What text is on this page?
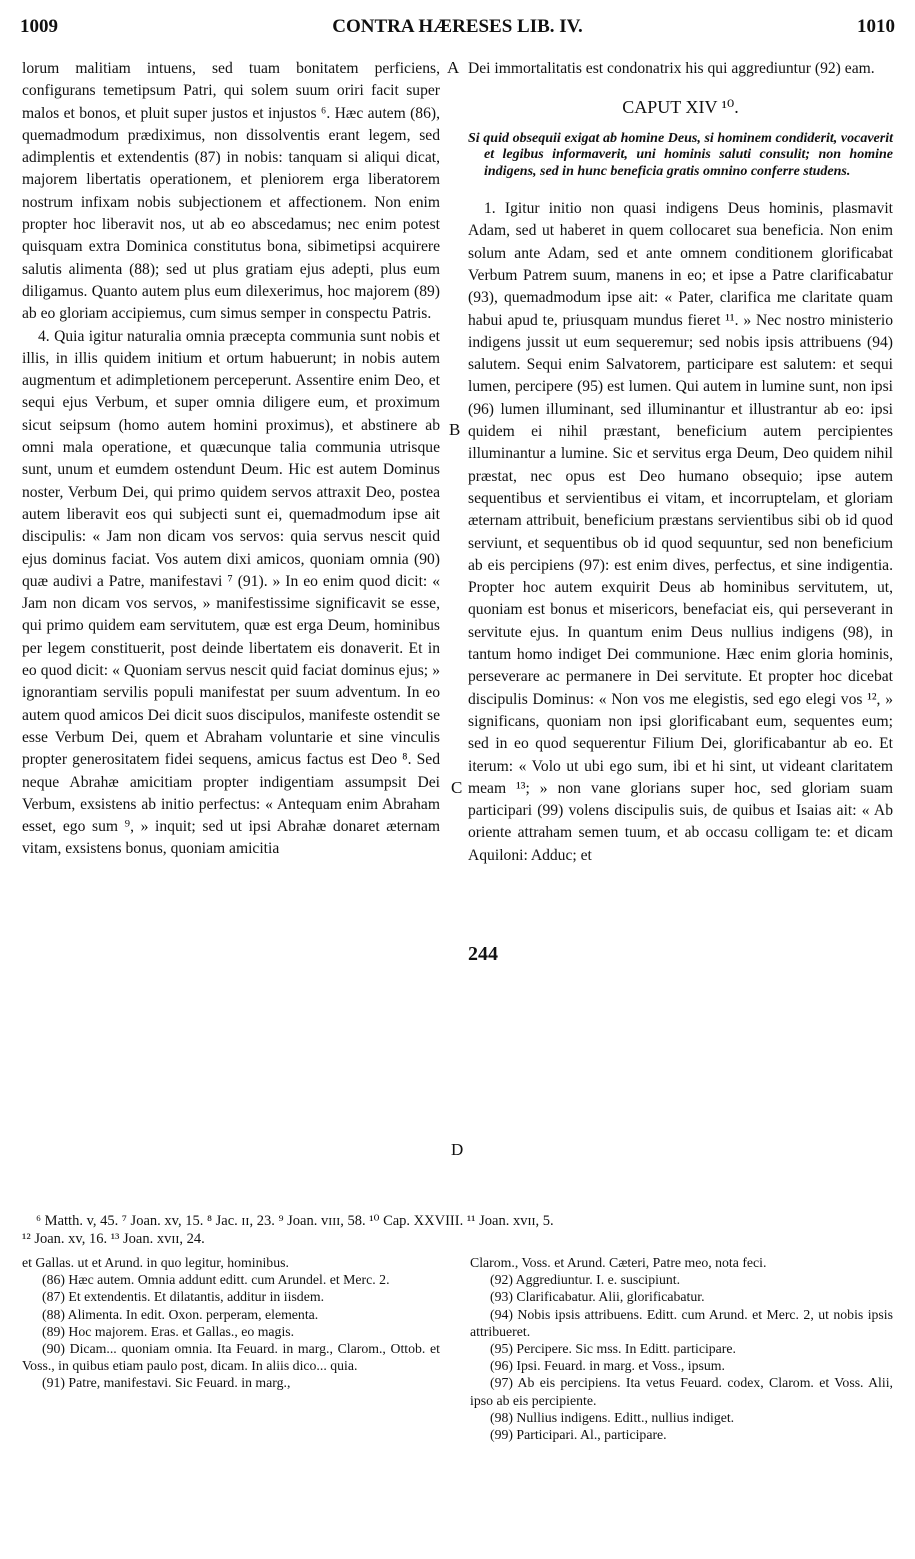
1009	CONTRA HÆRESES LIB. IV.	1010
A
B
C
D

lorum malitiam intuens, sed tuam bonitatem perficiens, configurans temetipsum Patri, qui solem suum oriri facit super malos et bonos, et pluit super justos et injustos ⁶. Hæc autem (86), quemadmodum prædiximus, non dissolventis erant legem, sed adimplentis et extendentis (87) in nobis: tanquam si aliqui dicat, majorem libertatis operationem, et pleniorem erga liberatorem nostrum infixam nobis subjectionem et affectionem. Non enim propter hoc liberavit nos, ut ab eo abscedamus; nec enim potest quisquam extra Dominica constitutus bona, sibimetipsi acquirere salutis alimenta (88); sed ut plus gratiam ejus adepti, plus eum diligamus. Quanto autem plus eum dilexerimus, hoc majorem (89) ab eo gloriam accipiemus, cum simus semper in conspectu Patris.

4. Quia igitur naturalia omnia præcepta communia sunt nobis et illis, in illis quidem initium et ortum habuerunt; in nobis autem augmentum et adimpletionem perceperunt. Assentire enim Deo, et sequi ejus Verbum, et super omnia diligere eum, et proximum sicut seipsum (homo autem homini proximus), et abstinere ab omni mala operatione, et quæcunque talia communia utrisque sunt, unum et eumdem ostendunt Deum. Hic est autem Dominus noster, Verbum Dei, qui primo quidem servos attraxit Deo, postea autem liberavit eos qui subjecti sunt ei, quemadmodum ipse ait discipulis: « Jam non dicam vos servos: quia servus nescit quid ejus dominus faciat. Vos autem dixi amicos, quoniam omnia (90) quæ audivi a Patre, manifestavi ⁷ (91). » In eo enim quod dicit: « Jam non dicam vos servos, » manifestissime significavit se esse, qui primo quidem eam servitutem, quæ est erga Deum, hominibus per legem constituerit, post deinde libertatem eis donaverit. Et in eo quod dicit: « Quoniam servus nescit quid faciat dominus ejus; » ignorantiam servilis populi manifestat per suum adventum. In eo autem quod amicos Dei dicit suos discipulos, manifeste ostendit se esse Verbum Dei, quem et Abraham voluntarie et sine vinculis propter generositatem fidei sequens, amicus factus est Deo ⁸. Sed neque Abrahæ amicitiam propter indigentiam assumpsit Dei Verbum, exsistens ab initio perfectus: « Antequam enim Abraham esset, ego sum ⁹, » inquit; sed ut ipsi Abrahæ donaret æternam vitam, exsistens bonus, quoniam amicitia

Dei immortalitatis est condonatrix his qui aggrediuntur (92) eam.

CAPUT XIV ¹⁰.

Si quid obsequii exigat ab homine Deus, si hominem condiderit, vocaverit et legibus informaverit, uni hominis saluti consulit; non homine indigens, sed in hunc beneficia gratis omnino conferre studens.

1. Igitur initio non quasi indigens Deus hominis, plasmavit Adam, sed ut haberet in quem collocaret sua beneficia. Non enim solum ante Adam, sed et ante omnem conditionem glorificabat Verbum Patrem suum, manens in eo; et ipse a Patre clarificabatur (93), quemadmodum ipse ait: « Pater, clarifica me claritate quam habui apud te, priusquam mundus fieret ¹¹. » Nec nostro ministerio indigens jussit ut eum sequeremur; sed nobis ipsis attribuens (94) salutem. Sequi enim Salvatorem, participare est salutem: et sequi lumen, percipere (95) est lumen. Qui autem in lumine sunt, non ipsi (96) lumen illuminant, sed illuminantur et illustrantur ab eo: ipsi quidem ei nihil præstant, beneficium autem percipientes illuminantur a lumine. Sic et servitus erga Deum, Deo quidem nihil præstat, nec opus est Deo humano obsequio; ipse autem sequentibus et servientibus ei vitam, et incorruptelam, et gloriam æternam attribuit, beneficium præstans servientibus sibi ob id quod serviunt, et sequentibus ob id quod sequuntur, sed non beneficium ab eis percipiens (97): est enim dives, perfectus, et sine indigentia. Propter hoc autem exquirit Deus ab hominibus servitutem, ut, quoniam est bonus et misericors, benefaciat eis, qui perseverant in servitute ejus. In quantum enim Deus nullius indigens (98), in tantum homo indiget Dei communione. Hæc enim gloria hominis, perseverare ac permanere in Dei servitute. Et propter hoc dicebat discipulis Dominus: « Non vos me elegistis, sed ego elegi vos ¹², » significans, quoniam non ipsi glorificabant eum, sequentes eum; sed in eo quod sequerentur Filium Dei, glorificabantur ab eo. Et iterum: « Volo ut ubi ego sum, ibi et hi sint, ut videant claritatem meam ¹³; » non vane glorians super hoc, sed gloriam suam participari (99) volens discipulis suis, de quibus et Isaias ait: « Ab oriente attraham semen tuum, et ab occasu colligam te: et dicam Aquiloni: Adduc; et

244
⁶ Matth. v, 45. ⁷ Joan. xv, 15. ⁸ Jac. ɪɪ, 23. ⁹ Joan. vɪɪɪ, 58. ¹⁰ Cap. XXVIII. ¹¹ Joan. xvɪɪ, 5.
¹² Joan. xv, 16. ¹³ Joan. xvɪɪ, 24.

et Gallas. ut et Arund. in quo legitur, hominibus.

(86) Hæc autem. Omnia addunt editt. cum Arundel. et Merc. 2.

(87) Et extendentis. Et dilatantis, additur in iisdem.

(88) Alimenta. In edit. Oxon. perperam, elementa.

(89) Hoc majorem. Eras. et Gallas., eo magis.

(90) Dicam... quoniam omnia. Ita Feuard. in marg., Clarom., Ottob. et Voss., in quibus etiam paulo post, dicam. In aliis dico... quia.

(91) Patre, manifestavi. Sic Feuard. in marg.,

Clarom., Voss. et Arund. Cæteri, Patre meo, nota feci.

(92) Aggrediuntur. I. e. suscipiunt.

(93) Clarificabatur. Alii, glorificabatur.

(94) Nobis ipsis attribuens. Editt. cum Arund. et Merc. 2, ut nobis ipsis attribueret.

(95) Percipere. Sic mss. In Editt. participare.

(96) Ipsi. Feuard. in marg. et Voss., ipsum.

(97) Ab eis percipiens. Ita vetus Feuard. codex, Clarom. et Voss. Alii, ipso ab eis percipiente.

(98) Nullius indigens. Editt., nullius indiget.

(99) Participari. Al., participare.
